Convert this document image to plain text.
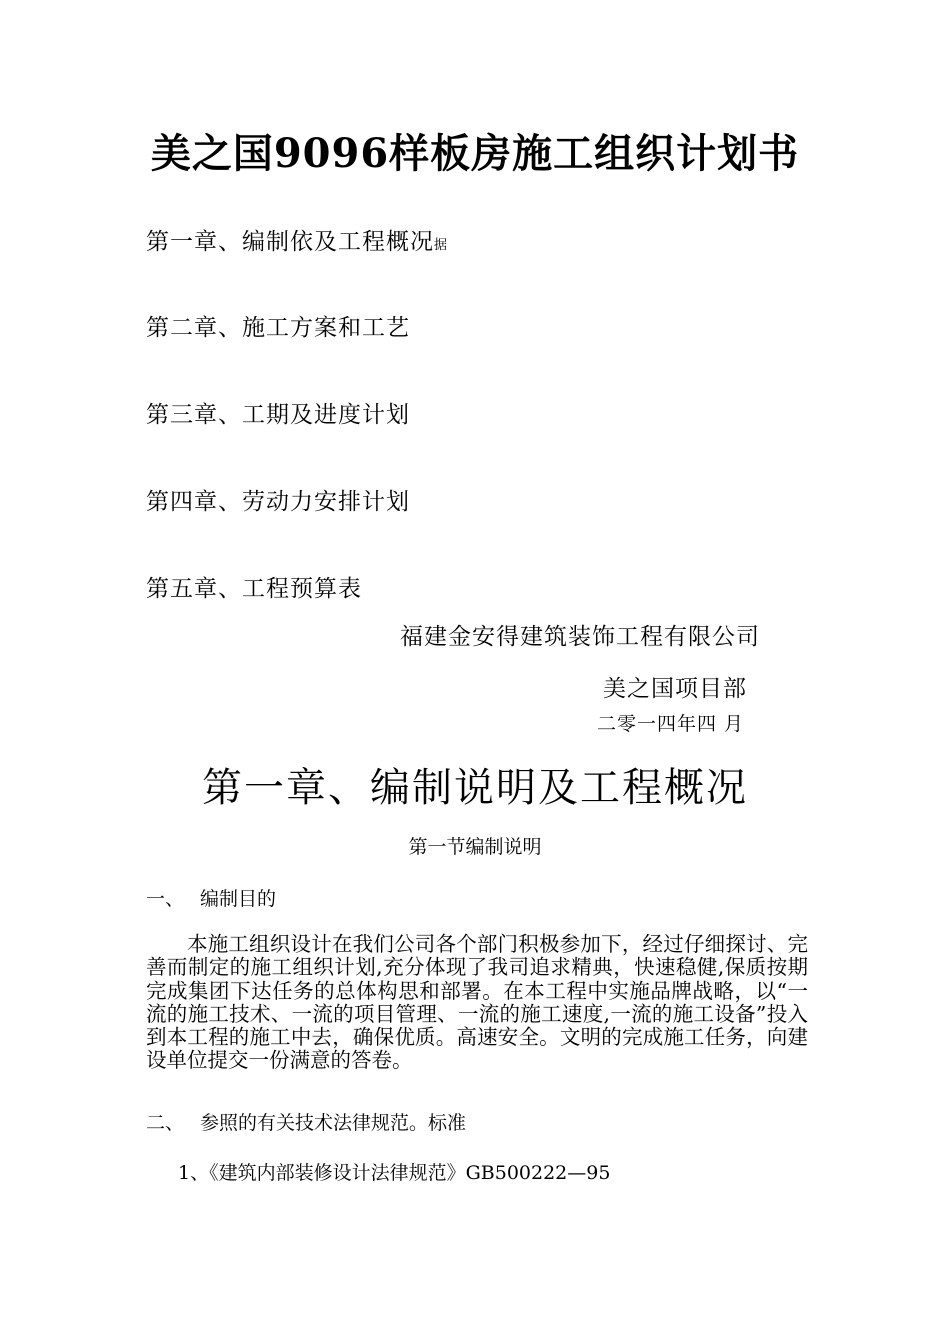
美之国9096样板房施工组织计划书
第一章、编制依及工程概况据
第二章、施工方案和工艺
第三章、工期及进度计划
第四章、劳动力安排计划
第五章、工程预算表
福建金安得建筑装饰工程有限公司
美之国项目部
二零一四年四 月
第一章、编制说明及工程概况
第一节编制说明
一、 编制目的
本施工组织设计在我们公司各个部门积极参加下，经过仔细探讨、完善而制定的施工组织计划,充分体现了我司追求精典，快速稳健,保质按期完成集团下达任务的总体构思和部署。在本工程中实施品牌战略，以“一流的施工技术、一流的项目管理、一流的施工速度,一流的施工设备”投入到本工程的施工中去，确保优质。高速安全。文明的完成施工任务，向建设单位提交一份满意的答卷。
二、 参照的有关技术法律规范。标准
1、《建筑内部装修设计法律规范》GB500222—95
